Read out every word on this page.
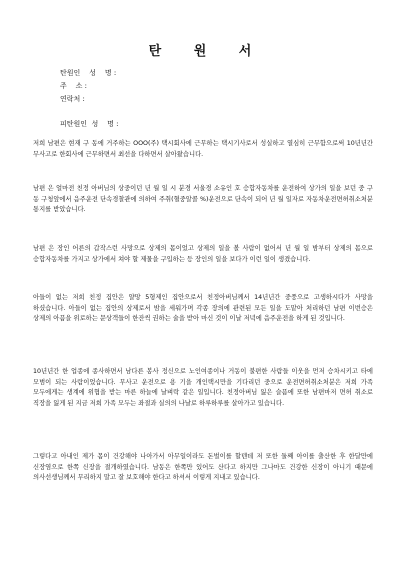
탄 원 서
탄원인    성    명 :
주    소 :
연락처 :
피탄원인  성    명 :

저희 남편은 현재 구 동에 거주하는 OOO(주) 택시회사에 근무하는 택시기사로서 성실하고 열심히 근무함으로써 10년년간 무사고로 한회사에 근무하면서 최선을 다하면서 살아왔습니다.

남편 은 얼마전 친정 아버님의 상중이던 년 월 일 시 분경 서울경 소유인 호 승합자동차를 운전하여 상가의 일을 보던 중 구 동 구청앞에서 음주운전 단속경찰관에 의하여 주취(혈중알콜 %)운전으로 단속이 되어 년 월 일자로 자동차운전면허취소처분 통지를 받았습니다.

남편 은 장인 어른의 갑작스런 사망으로 상제의 몸이었고 상제의 일을 볼 사람이 없어서 년 월 일 밤부터 상제의 몸으로 승합자동차를 가지고 상가에서 쳐야 할 제물을 구입하는 등 장인의 일을 보다가 이런 일이 생겼습니다.

아들이 없는 저희 친정 집안은 얄망 5형제인 집안으로서 친정아버님께서 14년년간 중풍으로 고생하시다가 사망을 하셨습니다. 아들이 없는 집안의 상제로서 밤을 세워가며 각종 장의에 관련된 모든 일을 도맡아 처리하던 남편 이번승은 상제의 아픔을 위로하는 문상객들이 한잔씩 권하는 술을 받아 마신 것이 이날 저녁에 음주운전을 하게 된 것입니다.

10년년간 한 업종에 종사하면서 남다른 봉사 정신으로 노인여종이나 거동이 불편한 사람들 이웃을 먼저 승차시키고 타에 모범이 되는 사람이었습니다. 무사고 운전으로 용 기을 개인택시만을 기다리던 중으로 운전면허취소처분은 저희 가족 모두에게는 생계에 위협을 받는 마른 하늘에 날벼락 같은 일입니다. 친정아버님 잃은 슬픔에 또한 남편마저 면허 취소로 직장을 잃게 된 지금 저희 가족 모두는 좌절과 실의의 나날로 하루하루를 살아가고 있습니다.

그렇다고 아내인 제가 몸이 건강해야 나아가서 아무일이라도 돈벌이를 할텐데 저 또한 둘째 아이를 출산한 후 한달만에 신장염으로 한쪽 신장을 절개하였습니다. 남동은 한쪽만 있어도 산다고 하지만 그나마도 건강한 신장이 아니기 때문에 의사선생님께서 무리하지 말고 잘 보호해야 한다고 하셔서 이렇게 지내고 있습니다.
